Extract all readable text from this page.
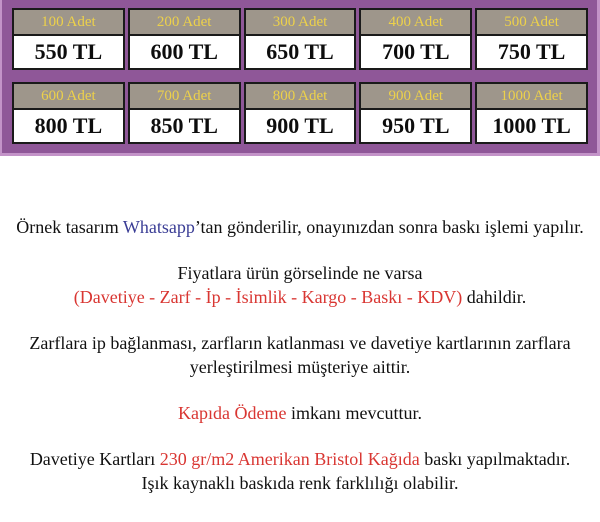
100 Adet
550 TL
200 Adet
600 TL
300 Adet
650 TL
400 Adet
700 TL
500 Adet
750 TL
600 Adet
800 TL
700 Adet
850 TL
800 Adet
900 TL
900 Adet
950 TL
1000 Adet
1000 TL

Örnek tasarım Whatsapp’tan gönderilir, onayınızdan sonra baskı işlemi yapılır.

Fiyatlara ürün görselinde ne varsa
(Davetiye - Zarf - İp - İsimlik - Kargo - Baskı - KDV) dahildir.

Zarflara ip bağlanması, zarfların katlanması ve davetiye kartlarının zarflara
yerleştirilmesi müşteriye aittir.

Kapıda Ödeme imkanı mevcuttur.

Davetiye Kartları 230 gr/m2 Amerikan Bristol Kağıda baskı yapılmaktadır.
Işık kaynaklı baskıda renk farklılığı olabilir.
